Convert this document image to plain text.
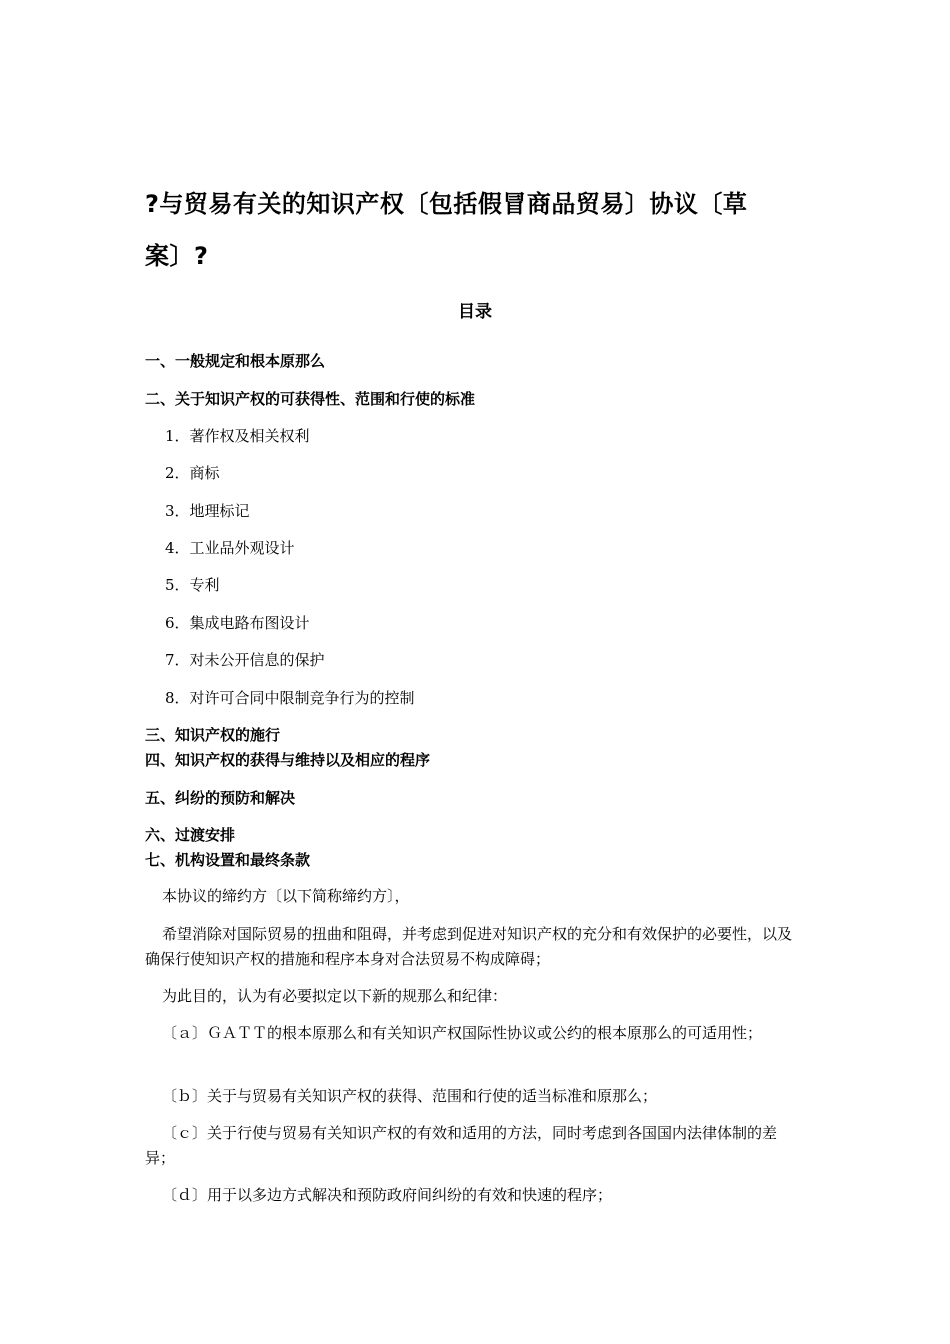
?与贸易有关的知识产权〔包括假冒商品贸易〕协议〔草案〕?
目录
一、一般规定和根本原那么
二、关于知识产权的可获得性、范围和行使的标准
1．著作权及相关权利
2．商标
3．地理标记
4．工业品外观设计
5．专利
6．集成电路布图设计
7．对未公开信息的保护
8．对许可合同中限制竞争行为的控制
三、知识产权的施行
四、知识产权的获得与维持以及相应的程序
五、纠纷的预防和解决
六、过渡安排
七、机构设置和最终条款
本协议的缔约方〔以下简称缔约方〕，
希望消除对国际贸易的扭曲和阻碍，并考虑到促进对知识产权的充分和有效保护的必要性，以及确保行使知识产权的措施和程序本身对合法贸易不构成障碍；
为此目的，认为有必要拟定以下新的规那么和纪律：
〔ａ〕ＧＡＴＴ的根本原那么和有关知识产权国际性协议或公约的根本原那么的可适用性；
〔ｂ〕关于与贸易有关知识产权的获得、范围和行使的适当标准和原那么；
〔ｃ〕关于行使与贸易有关知识产权的有效和适用的方法，同时考虑到各国国内法律体制的差异；
〔ｄ〕用于以多边方式解决和预防政府间纠纷的有效和快速的程序；
